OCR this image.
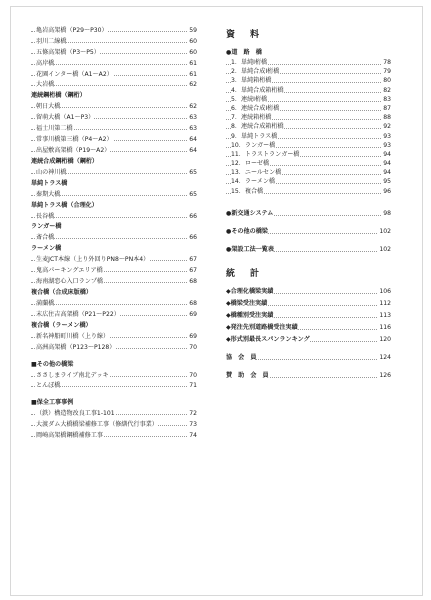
亀岩高架橋（P29～P30）	59
羽川二線橋	60
五條高架橋（P3～P5）	60
高岸橋	61
花園インター橋（A1～A2）	61
大岩橋	62
連続鋼桁橋（鋼桁）
朝日大橋	62
留萌大橋（A1～P3）	63
福士川第二橋	63
常事川橋第三橋（P4～A2）	64
出屋敷高架橋（P19～A2）	64
連続合成鋼桁橋（鋼桁）
山の神川橋	65
単純トラス橋
秦期大橋	65
単純トラス橋（合理化）
長谷橋	66
ランガー橋
斎合橋	66
ラーメン橋
生麦JCT本線（上り外回りPN8～PN本4）	67
鬼高パーキングエリア橋	67
海南湖恋心入口ランプ橋	68
複合橋（合成床版橋）
満蘭橋	68
末広住吉高架橋（P21～P22）	69
複合橋（ラーメン橋）
新名神船町川橋（上り線）	69
高洲高架橋（P123～P128）	70
■その他の橋梁
ささしまライブ南北デッキ	70
とんぼ橋	71
■保全工事事例
（鉄）構造物改良工事1-101	72
大渡ダム大橋橋梁補修工事（修繕代行事業）	73
岡崎高架橋鋼橋補修工事	74
資　料
●道　路　橋
1．単純I桁橋	78
2．単純合成I桁橋	79
3．単純箱桁橋	80
4．単純合成箱桁橋	82
5．連続I桁橋	83
6．連続合成I桁橋	87
7．連続箱桁橋	88
8．連続合成箱桁橋	92
9．単純トラス橋	93
10．ランガー橋	93
11．トラストランガー橋	94
12．ローゼ橋	94
13．ニールセン橋	94
14．ラーメン橋	95
15．複合橋	96
●新交通システム	98
●その他の橋梁	102
●架設工法一覧表	102
統　計
◆合理化橋梁実績	106
◆橋梁受注実績	112
◆橋種別受注実績	113
◆発注先別道路橋受注実績	116
◆形式別最長スパンランキング	120
協　会　員	124
賛　助　会　員	126
